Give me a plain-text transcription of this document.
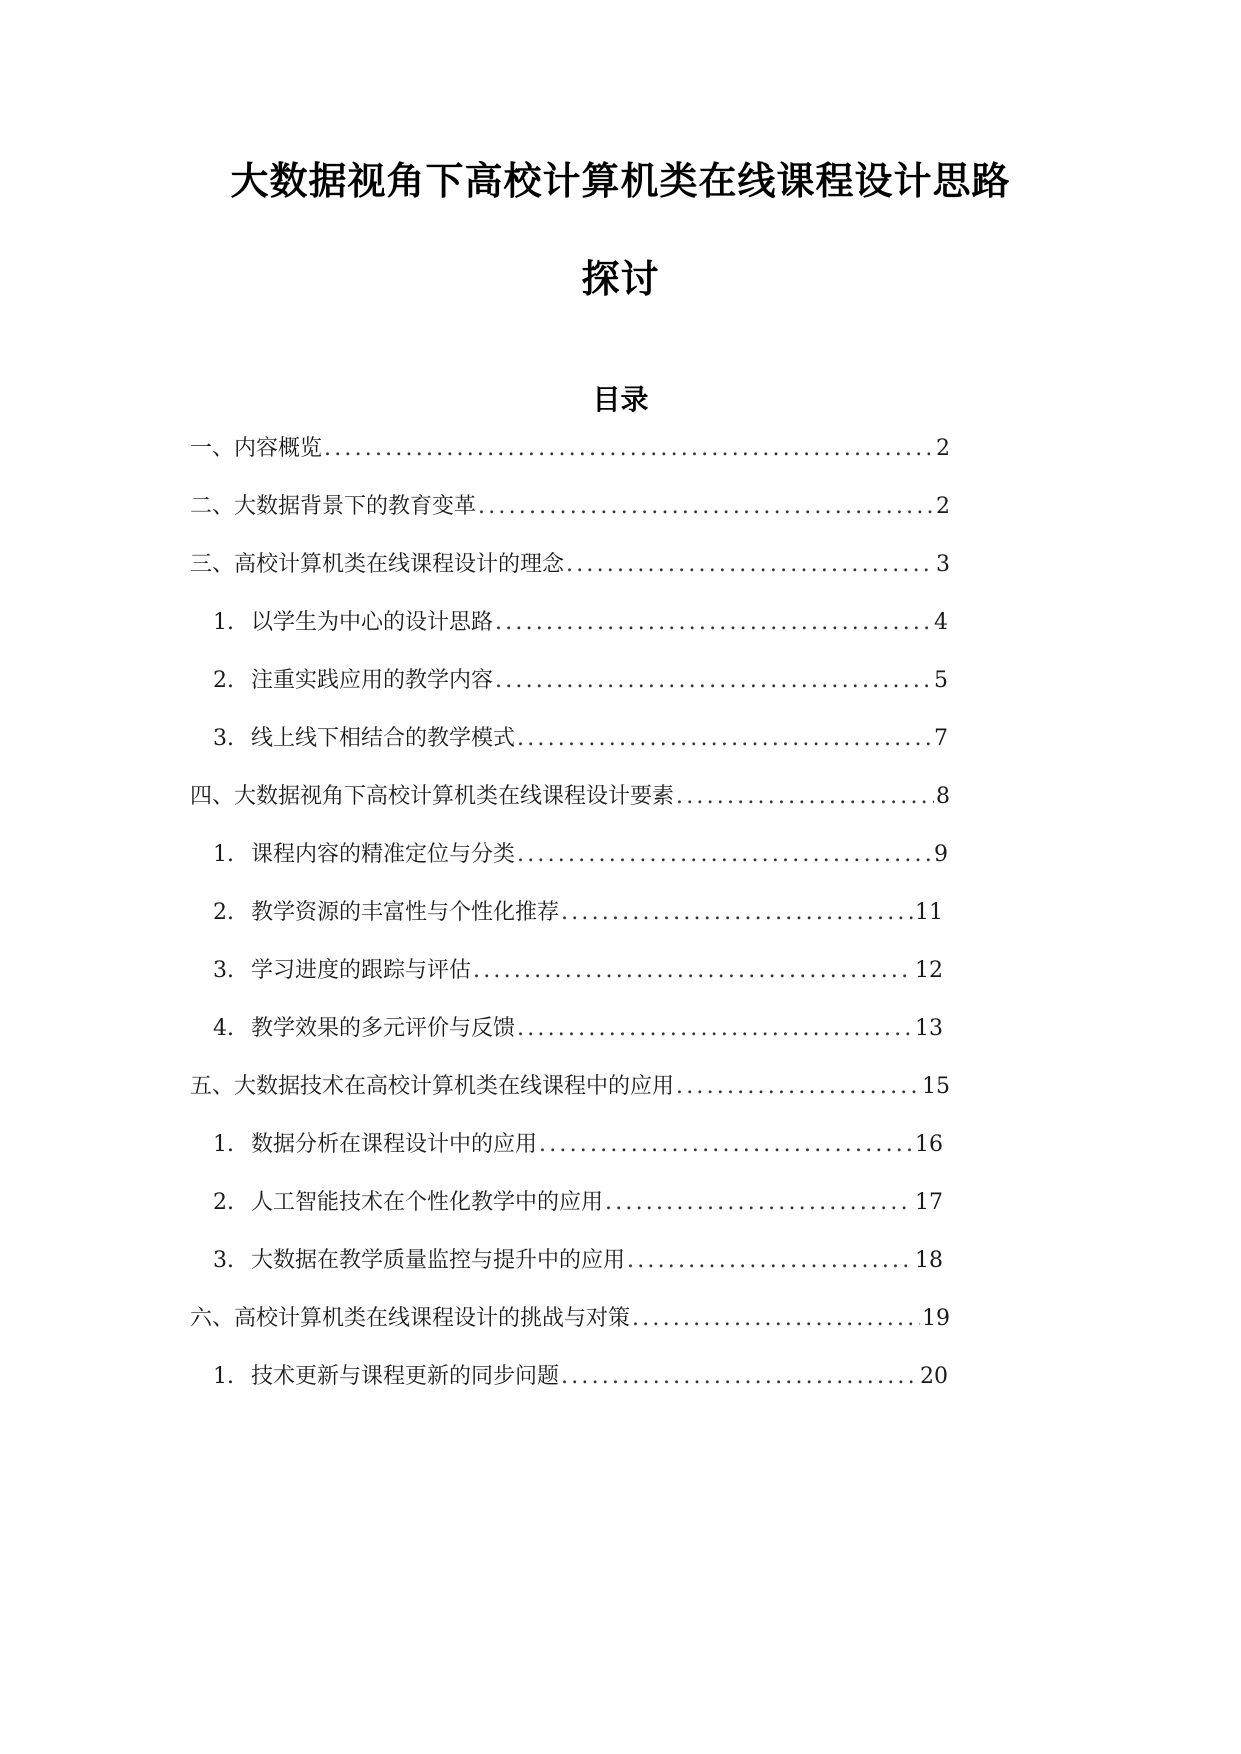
大数据视角下高校计算机类在线课程设计思路
探讨
目录
一、内容概览 .....	2
二、大数据背景下的教育变革 .....	2
三、高校计算机类在线课程设计的理念 .....	3
1. 以学生为中心的设计思路 .....	4
2. 注重实践应用的教学内容 .....	5
3. 线上线下相结合的教学模式 .....	7
四、大数据视角下高校计算机类在线课程设计要素 .....	8
1. 课程内容的精准定位与分类 .....	9
2. 教学资源的丰富性与个性化推荐 .....	11
3. 学习进度的跟踪与评估 .....	12
4. 教学效果的多元评价与反馈 .....	13
五、大数据技术在高校计算机类在线课程中的应用 .....	15
1. 数据分析在课程设计中的应用 .....	16
2. 人工智能技术在个性化教学中的应用 .....	17
3. 大数据在教学质量监控与提升中的应用 .....	18
六、高校计算机类在线课程设计的挑战与对策 .....	19
1. 技术更新与课程更新的同步问题 .....	20
